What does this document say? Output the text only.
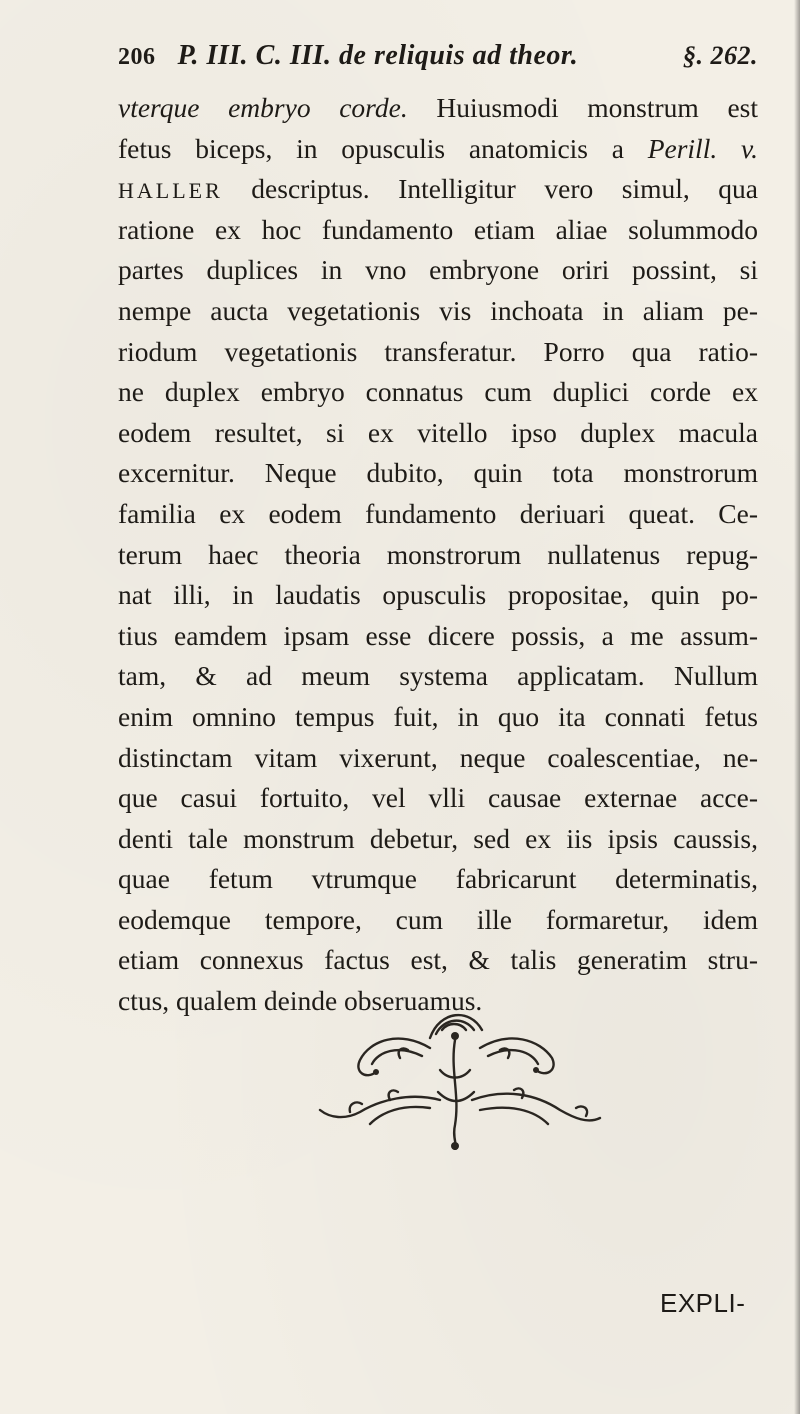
206 P. III. C. III. de reliquis ad theor.	§. 262.
vterque embryo corde. Huiusmodi monstrum est
fetus biceps, in opusculis anatomicis a Perill. v.
HALLER descriptus. Intelligitur vero simul, qua
ratione ex hoc fundamento etiam aliae solummodo
partes duplices in vno embryone oriri possint, si
nempe aucta vegetationis vis inchoata in aliam pe-
riodum vegetationis transferatur. Porro qua ratio-
ne duplex embryo connatus cum duplici corde ex
eodem resultet, si ex vitello ipso duplex macula
excernitur. Neque dubito, quin tota monstrorum
familia ex eodem fundamento deriuari queat. Ce-
terum haec theoria monstrorum nullatenus repug-
nat illi, in laudatis opusculis propositae, quin po-
tius eamdem ipsam esse dicere possis, a me assum-
tam, & ad meum systema applicatam. Nullum
enim omnino tempus fuit, in quo ita connati fetus
distinctam vitam vixerunt, neque coalescentiae, ne-
que casui fortuito, vel vlli causae externae acce-
denti tale monstrum debetur, sed ex iis ipsis caussis,
quae fetum vtrumque fabricarunt determinatis,
eodemque tempore, cum ille formaretur, idem
etiam connexus factus est, & talis generatim stru-
ctus, qualem deinde obseruamus.
EXPLI-
